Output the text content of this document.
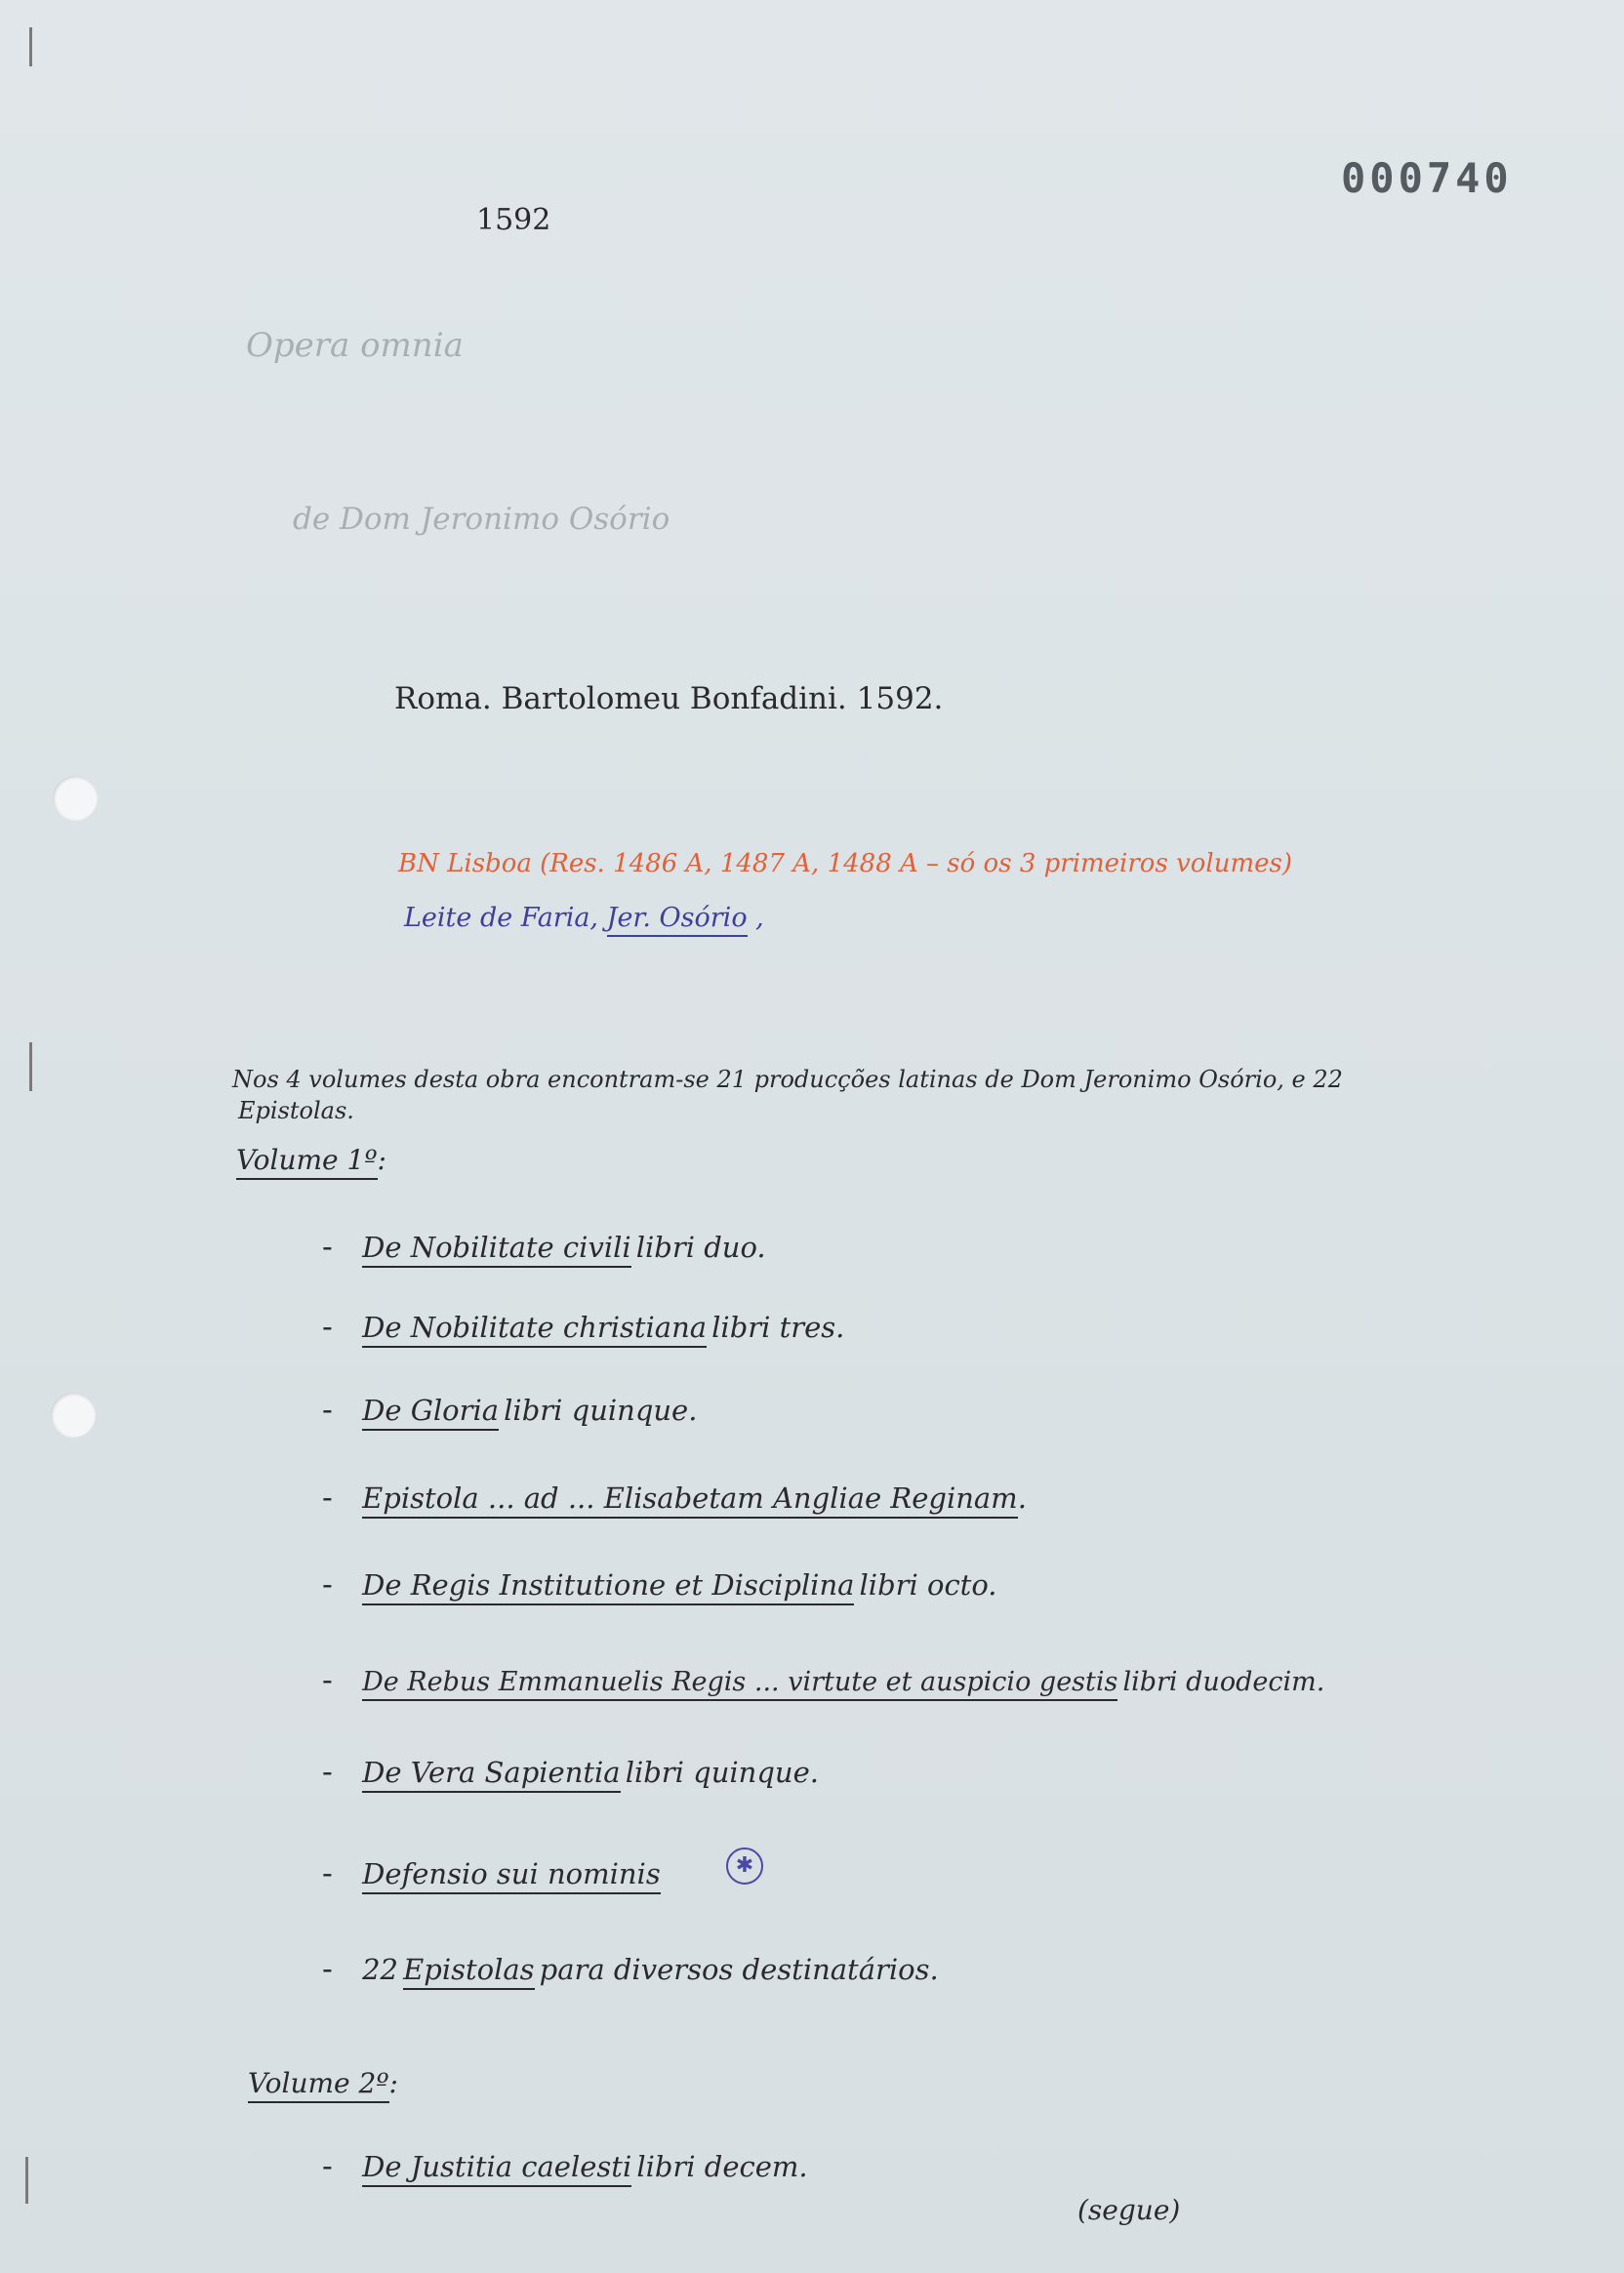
000740
1592
Opera omnia
de Dom Jeronimo Osório
Roma. Bartolomeu Bonfadini. 1592.
BN Lisboa (Res. 1486 A, 1487 A, 1488 A – só os 3 primeiros volumes)
Leite de Faria, Jer. Osório ,
Nos 4 volumes desta obra encontram-se 21 producções latinas de Dom Jeronimo Osório, e 22
Epistolas.
Volume 1º:
- De Nobilitate civili libri duo.
- De Nobilitate christiana libri tres.
- De Gloria libri quinque.
- Epistola ... ad ... Elisabetam Angliae Reginam.
- De Regis Institutione et Disciplina libri octo.
- De Rebus Emmanuelis Regis ... virtute et auspicio gestis libri duodecim.
- De Vera Sapientia libri quinque.
- Defensio sui nominis	✱
- 22 Epistolas para diversos destinatários.
Volume 2º:
- De Justitia caelesti libri decem.
(segue)
